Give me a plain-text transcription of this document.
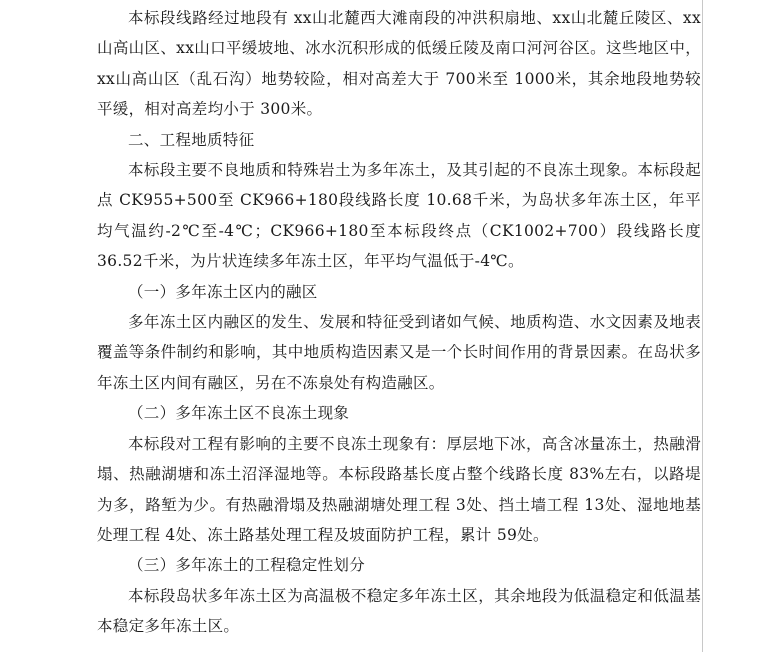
本标段线路经过地段有 xx山北麓西大滩南段的冲洪积扇地、xx山北麓丘陵区、xx山高山区、xx山口平缓坡地、冰水沉积形成的低缓丘陵及南口河河谷区。这些地区中，xx山高山区（乱石沟）地势较险，相对高差大于 700米至 1000米，其余地段地势较平缓，相对高差均小于 300米。

二、工程地质特征

本标段主要不良地质和特殊岩土为多年冻土，及其引起的不良冻土现象。本标段起点 CK955+500至 CK966+180段线路长度 10.68千米，为岛状多年冻土区，年平均气温约-2℃至-4℃；CK966+180至本标段终点（CK1002+700）段线路长度 36.52千米，为片状连续多年冻土区，年平均气温低于-4℃。

（一）多年冻土区内的融区

多年冻土区内融区的发生、发展和特征受到诸如气候、地质构造、水文因素及地表覆盖等条件制约和影响，其中地质构造因素又是一个长时间作用的背景因素。在岛状多年冻土区内间有融区，另在不冻泉处有构造融区。

（二）多年冻土区不良冻土现象

本标段对工程有影响的主要不良冻土现象有：厚层地下冰，高含冰量冻土，热融滑塌、热融湖塘和冻土沼泽湿地等。本标段路基长度占整个线路长度 83%左右，以路堤为多，路堑为少。有热融滑塌及热融湖塘处理工程 3处、挡土墙工程 13处、湿地地基处理工程 4处、冻土路基处理工程及坡面防护工程，累计 59处。

（三）多年冻土的工程稳定性划分

本标段岛状多年冻土区为高温极不稳定多年冻土区，其余地段为低温稳定和低温基本稳定多年冻土区。
